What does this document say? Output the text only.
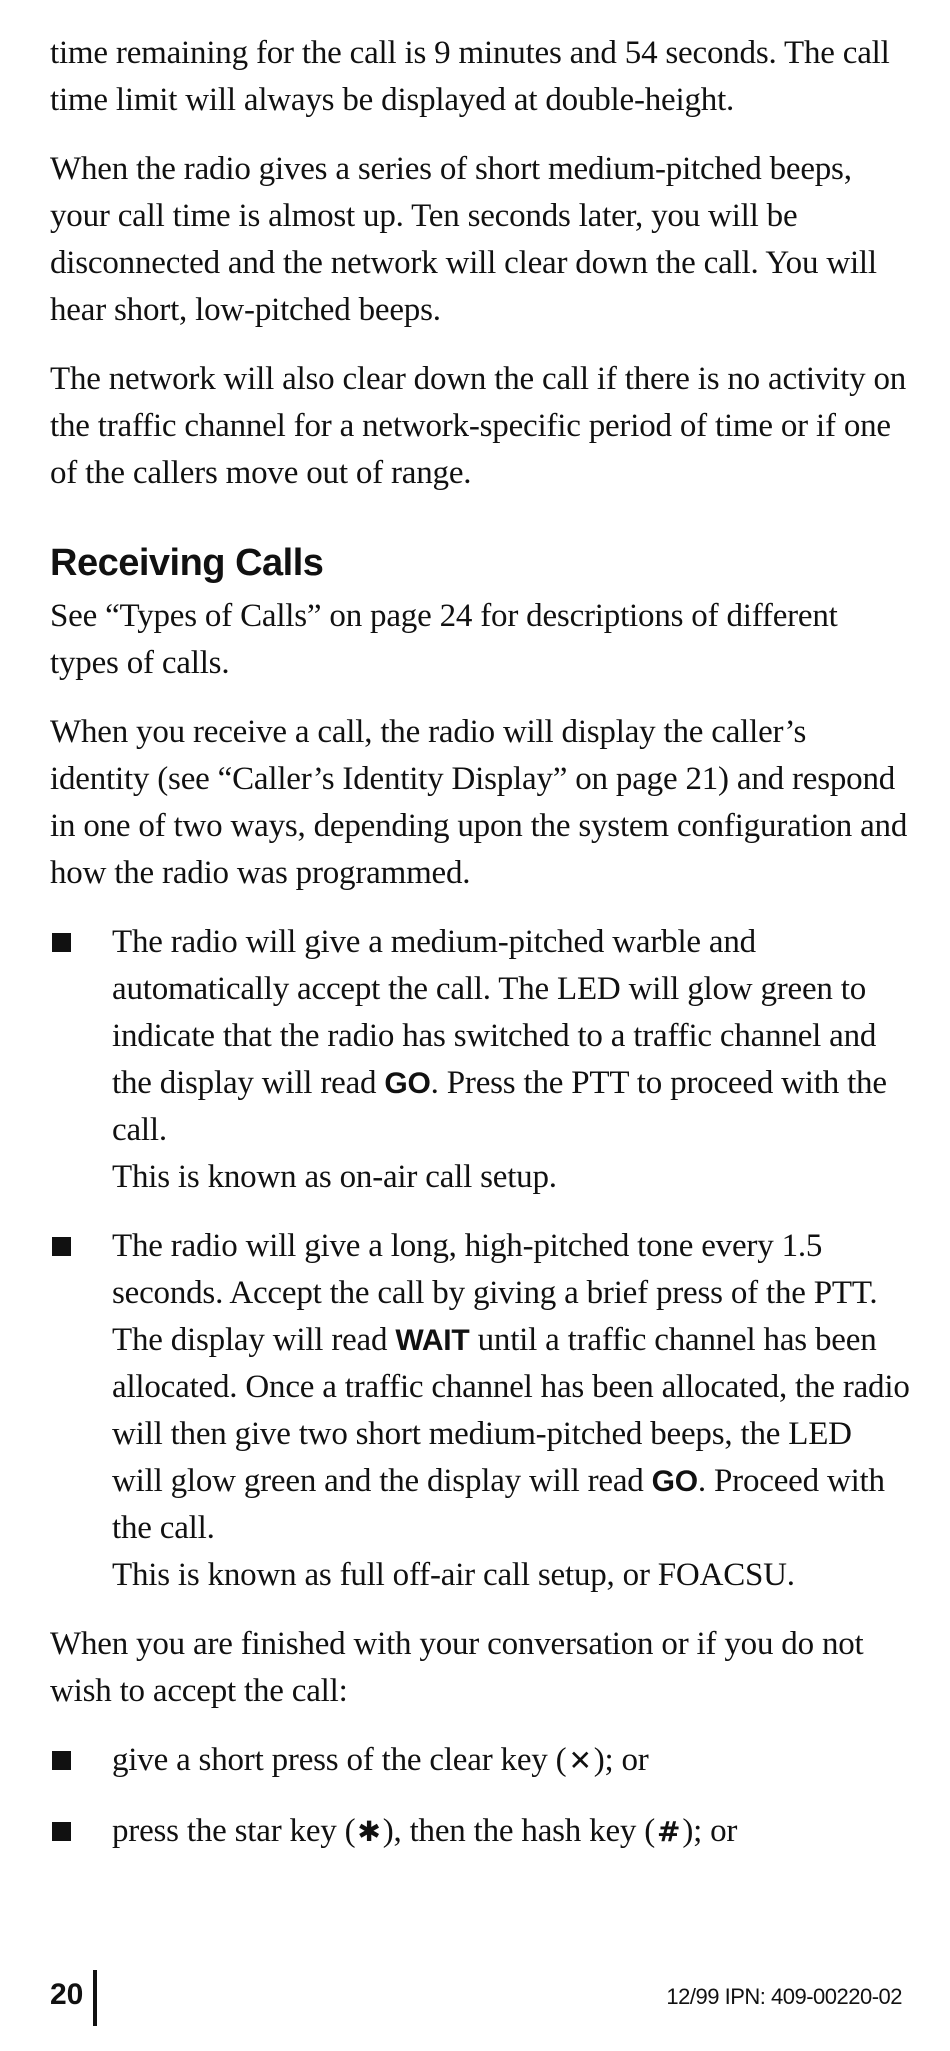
time remaining for the call is 9 minutes and 54 seconds. The call time limit will always be displayed at double-height.

When the radio gives a series of short medium-pitched beeps, your call time is almost up. Ten seconds later, you will be disconnected and the network will clear down the call. You will hear short, low-pitched beeps.

The network will also clear down the call if there is no activity on the traffic channel for a network-specific period of time or if one of the callers move out of range.

Receiving Calls

See “Types of Calls” on page 24 for descriptions of different types of calls.

When you receive a call, the radio will display the caller’s identity (see “Caller’s Identity Display” on page 21) and respond in one of two ways, depending upon the system configuration and how the radio was programmed.

The radio will give a medium-pitched warble and automatically accept the call. The LED will glow green to indicate that the radio has switched to a traffic channel and the display will read GO. Press the PTT to proceed with the call.

This is known as on-air call setup.

The radio will give a long, high-pitched tone every 1.5 seconds. Accept the call by giving a brief press of the PTT. The display will read WAIT until a traffic channel has been allocated. Once a traffic channel has been allocated, the radio will then give two short medium-pitched beeps, the LED will glow green and the display will read GO. Proceed with the call.

This is known as full off-air call setup, or FOACSU.

When you are finished with your conversation or if you do not wish to accept the call:

give a short press of the clear key (✕); or

press the star key (✱), then the hash key (#); or

20	12/99 IPN: 409-00220-02
